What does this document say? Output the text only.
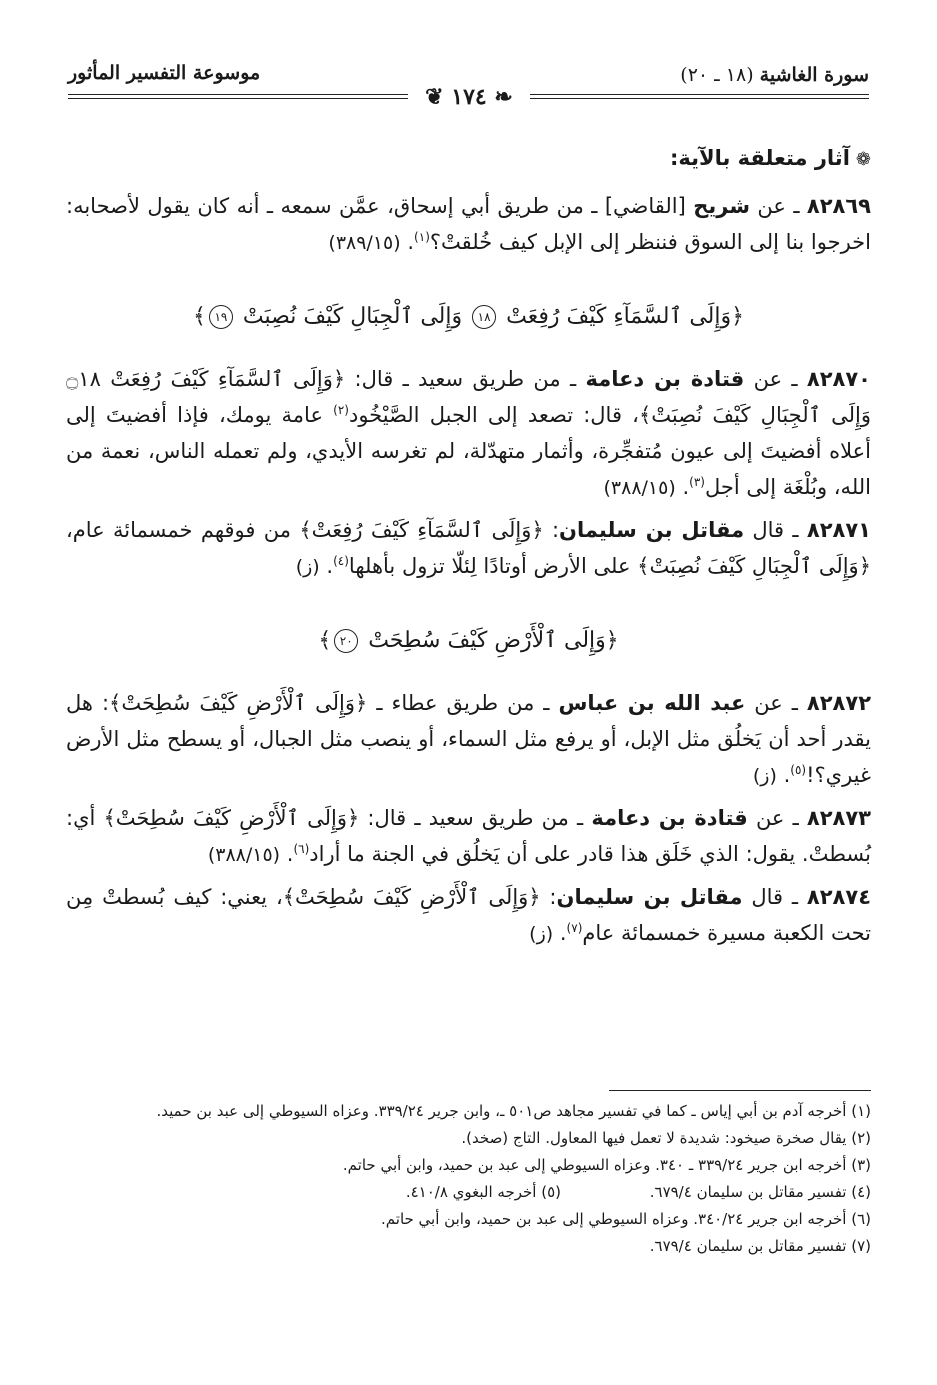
موسوعة التفسير المأثور	سورة الغاشية (١٨ ـ ٢٠)
❦ ١٧٤ ❧
❁آثار متعلقة بالآية:
٨٢٨٦٩ ـ عن شريح [القاضي] ـ من طريق أبي إسحاق، عمَّن سمعه ـ أنه كان يقول لأصحابه: اخرجوا بنا إلى السوق فننظر إلى الإبل كيف خُلقتْ؟$^{(١)}$. (٣٨٩/١٥)
﴿وَإِلَى ٱلسَّمَآءِ كَيْفَ رُفِعَتْ ١٨ وَإِلَى ٱلْجِبَالِ كَيْفَ نُصِبَتْ ١٩﴾
٨٢٨٧٠ ـ عن قتادة بن دعامة ـ من طريق سعيد ـ قال: ﴿وَإِلَى ٱلسَّمَآءِ كَيْفَ رُفِعَتْ ۝١٨ وَإِلَى ٱلْجِبَالِ كَيْفَ نُصِبَتْ﴾، قال: تصعد إلى الجبل الصَّيْخُود$^{(٢)}$ عامة يومك، فإذا أفضيتَ إلى أعلاه أفضيتَ إلى عيون مُتفجِّرة، وأثمار متهدّلة، لم تغرسه الأيدي، ولم تعمله الناس، نعمة من الله، وبُلْغَة إلى أجل$^{(٣)}$. (٣٨٨/١٥)
٨٢٨٧١ ـ قال مقاتل بن سليمان: ﴿وَإِلَى ٱلسَّمَآءِ كَيْفَ رُفِعَتْ﴾ من فوقهم خمسمائة عام، ﴿وَإِلَى ٱلْجِبَالِ كَيْفَ نُصِبَتْ﴾ على الأرض أوتادًا لِئلّا تزول بأهلها$^{(٤)}$. (ز)
﴿وَإِلَى ٱلْأَرْضِ كَيْفَ سُطِحَتْ ٢٠﴾
٨٢٨٧٢ ـ عن عبد الله بن عباس ـ من طريق عطاء ـ ﴿وَإِلَى ٱلْأَرْضِ كَيْفَ سُطِحَتْ﴾: هل يقدر أحد أن يَخلُق مثل الإبل، أو يرفع مثل السماء، أو ينصب مثل الجبال، أو يسطح مثل الأرض غيري؟!$^{(٥)}$. (ز)
٨٢٨٧٣ ـ عن قتادة بن دعامة ـ من طريق سعيد ـ قال: ﴿وَإِلَى ٱلْأَرْضِ كَيْفَ سُطِحَتْ﴾ أي: بُسطتْ. يقول: الذي خَلَق هذا قادر على أن يَخلُق في الجنة ما أراد$^{(٦)}$. (٣٨٨/١٥)
٨٢٨٧٤ ـ قال مقاتل بن سليمان: ﴿وَإِلَى ٱلْأَرْضِ كَيْفَ سُطِحَتْ﴾، يعني: كيف بُسطتْ مِن تحت الكعبة مسيرة خمسمائة عام$^{(٧)}$. (ز)

(١) أخرجه آدم بن أبي إياس ـ كما في تفسير مجاهد ص٥٠١ ـ، وابن جرير ٣٣٩/٢٤. وعزاه السيوطي إلى عبد بن حميد.

(٢) يقال صخرة صيخود: شديدة لا تعمل فيها المعاول. التاج (صخد).

(٣) أخرجه ابن جرير ٣٣٩/٢٤ ـ ٣٤٠. وعزاه السيوطي إلى عبد بن حميد، وابن أبي حاتم.

(٤) تفسير مقاتل بن سليمان ٦٧٩/٤.

(٥) أخرجه البغوي ٤١٠/٨.

(٦) أخرجه ابن جرير ٣٤٠/٢٤. وعزاه السيوطي إلى عبد بن حميد، وابن أبي حاتم.

(٧) تفسير مقاتل بن سليمان ٦٧٩/٤.
